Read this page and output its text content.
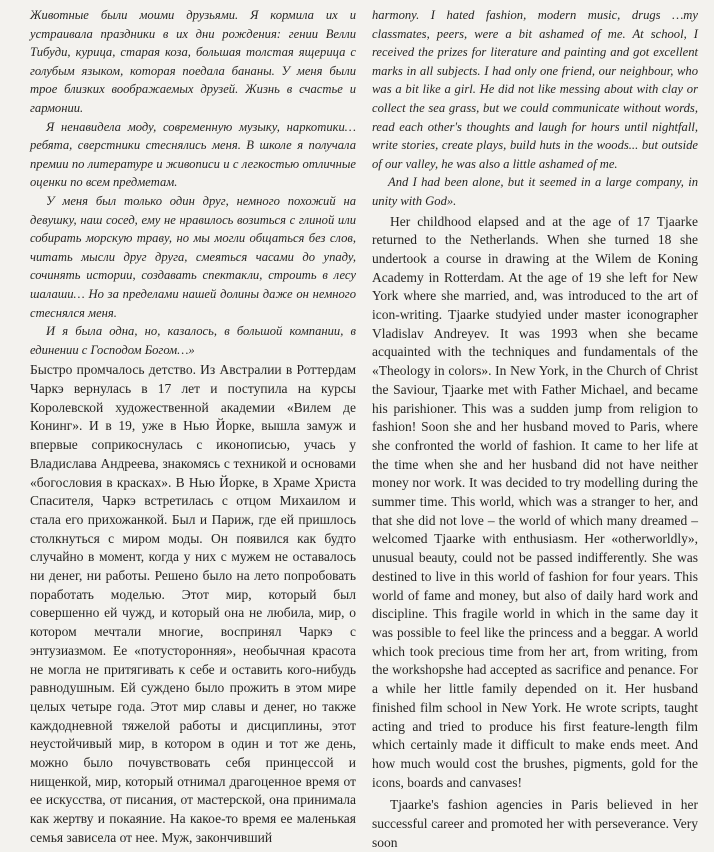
Животные были моими друзьями. Я кормила их и устраивала праздники в их дни рождения: гении Велли Тибуди, курица, старая коза, большая толстая ящерица с голубым языком, которая поедала бананы. У меня были трое близких воображаемых друзей. Жизнь в счастье и гармонии.

Я ненавидела моду, современную музыку, наркотики… ребята, сверстники стеснялись меня. В школе я получала премии по литературе и живописи и с легкостью отличные оценки по всем предметам.

У меня был только один друг, немного похожий на девушку, наш сосед, ему не нравилось возиться с глиной или собирать морскую траву, но мы могли общаться без слов, читать мысли друг друга, смеяться часами до упаду, сочинять истории, создавать спектакли, строить в лесу шалаши… Но за пределами нашей долины даже он немного стеснялся меня.

И я была одна, но, казалось, в большой компании, в единении с Господом Богом…»

Быстро промчалось детство. Из Австралии в Роттердам Чаркэ вернулась в 17 лет и поступила на курсы Королевской художественной академии «Вилем де Конинг». И в 19, уже в Нью Йорке, вышла замуж и впервые соприкоснулась с иконописью, учась у Владислава Андреева, знакомясь с техникой и основами «богословия в красках». В Нью Йорке, в Храме Христа Спасителя, Чаркэ встретилась с отцом Михаилом и стала его прихожанкой. Был и Париж, где ей пришлось столкнуться с миром моды. Он появился как будто случайно в момент, когда у них с мужем не оставалось ни денег, ни работы. Решено было на лето попробовать поработать моделью. Этот мир, который был совершенно ей чужд, и который она не любила, мир, о котором мечтали многие, воспринял Чаркэ с энтузиазмом. Ее «потусторонняя», необычная красота не могла не притягивать к себе и оставить кого-нибудь равнодушным. Ей суждено было прожить в этом мире целых четыре года. Этот мир славы и денег, но также каждодневной тяжелой работы и дисциплины, этот неустойчивый мир, в котором в один и тот же день, можно было почувствовать себя принцессой и нищенкой, мир, который отнимал драгоценное время от ее искусства, от писания, от мастерской, она принимала как жертву и покаяние. На какое-то время ее маленькая семья зависела от нее. Муж, закончивший

harmony. I hated fashion, modern music, drugs …my classmates, peers, were a bit ashamed of me. At school, I received the prizes for literature and painting and got excellent marks in all subjects. I had only one friend, our neighbour, who was a bit like a girl. He did not like messing about with clay or collect the sea grass, but we could communicate without words, read each other's thoughts and laugh for hours until nightfall, write stories, create plays, build huts in the woods... but outside of our valley, he was also a little ashamed of me.

And I had been alone, but it seemed in a large company, in unity with God».

Her childhood elapsed and at the age of 17 Tjaarke returned to the Netherlands. When she turned 18 she undertook a course in drawing at the Wilem de Koning Academy in Rotterdam. At the age of 19 she left for New York where she married, and, was introduced to the art of icon-writing. Tjaarke studyied under master iconographer Vladislav Andreyev. It was 1993 when she became acquainted with the techniques and fundamentals of the «Theology in colors». In New York, in the Church of Christ the Saviour, Tjaarke met with Father Michael, and became his parishioner. This was a sudden jump from religion to fashion! Soon she and her husband moved to Paris, where she confronted the world of fashion. It came to her life at the time when she and her husband did not have neither money nor work. It was decided to try modelling during the summer time. This world, which was a stranger to her, and that she did not love – the world of which many dreamed – welcomed Tjaarke with enthusiasm. Her «otherworldly», unusual beauty, could not be passed indifferently. She was destined to live in this world of fashion for four years. This world of fame and money, but also of daily hard work and discipline. This fragile world in which in the same day it was possible to feel like the princess and a beggar. A world which took precious time from her art, from writing, from the workshopshe had accepted as sacrifice and penance. For a while her little family depended on it. Her husband finished film school in New York. He wrote scripts, taught acting and tried to produce his first feature-length film which certainly made it difficult to make ends meet. And how much would cost the brushes, pigments, gold for the icons, boards and canvases!

Tjaarke's fashion agencies in Paris believed in her successful career and promoted her with perseverance. Very soon
